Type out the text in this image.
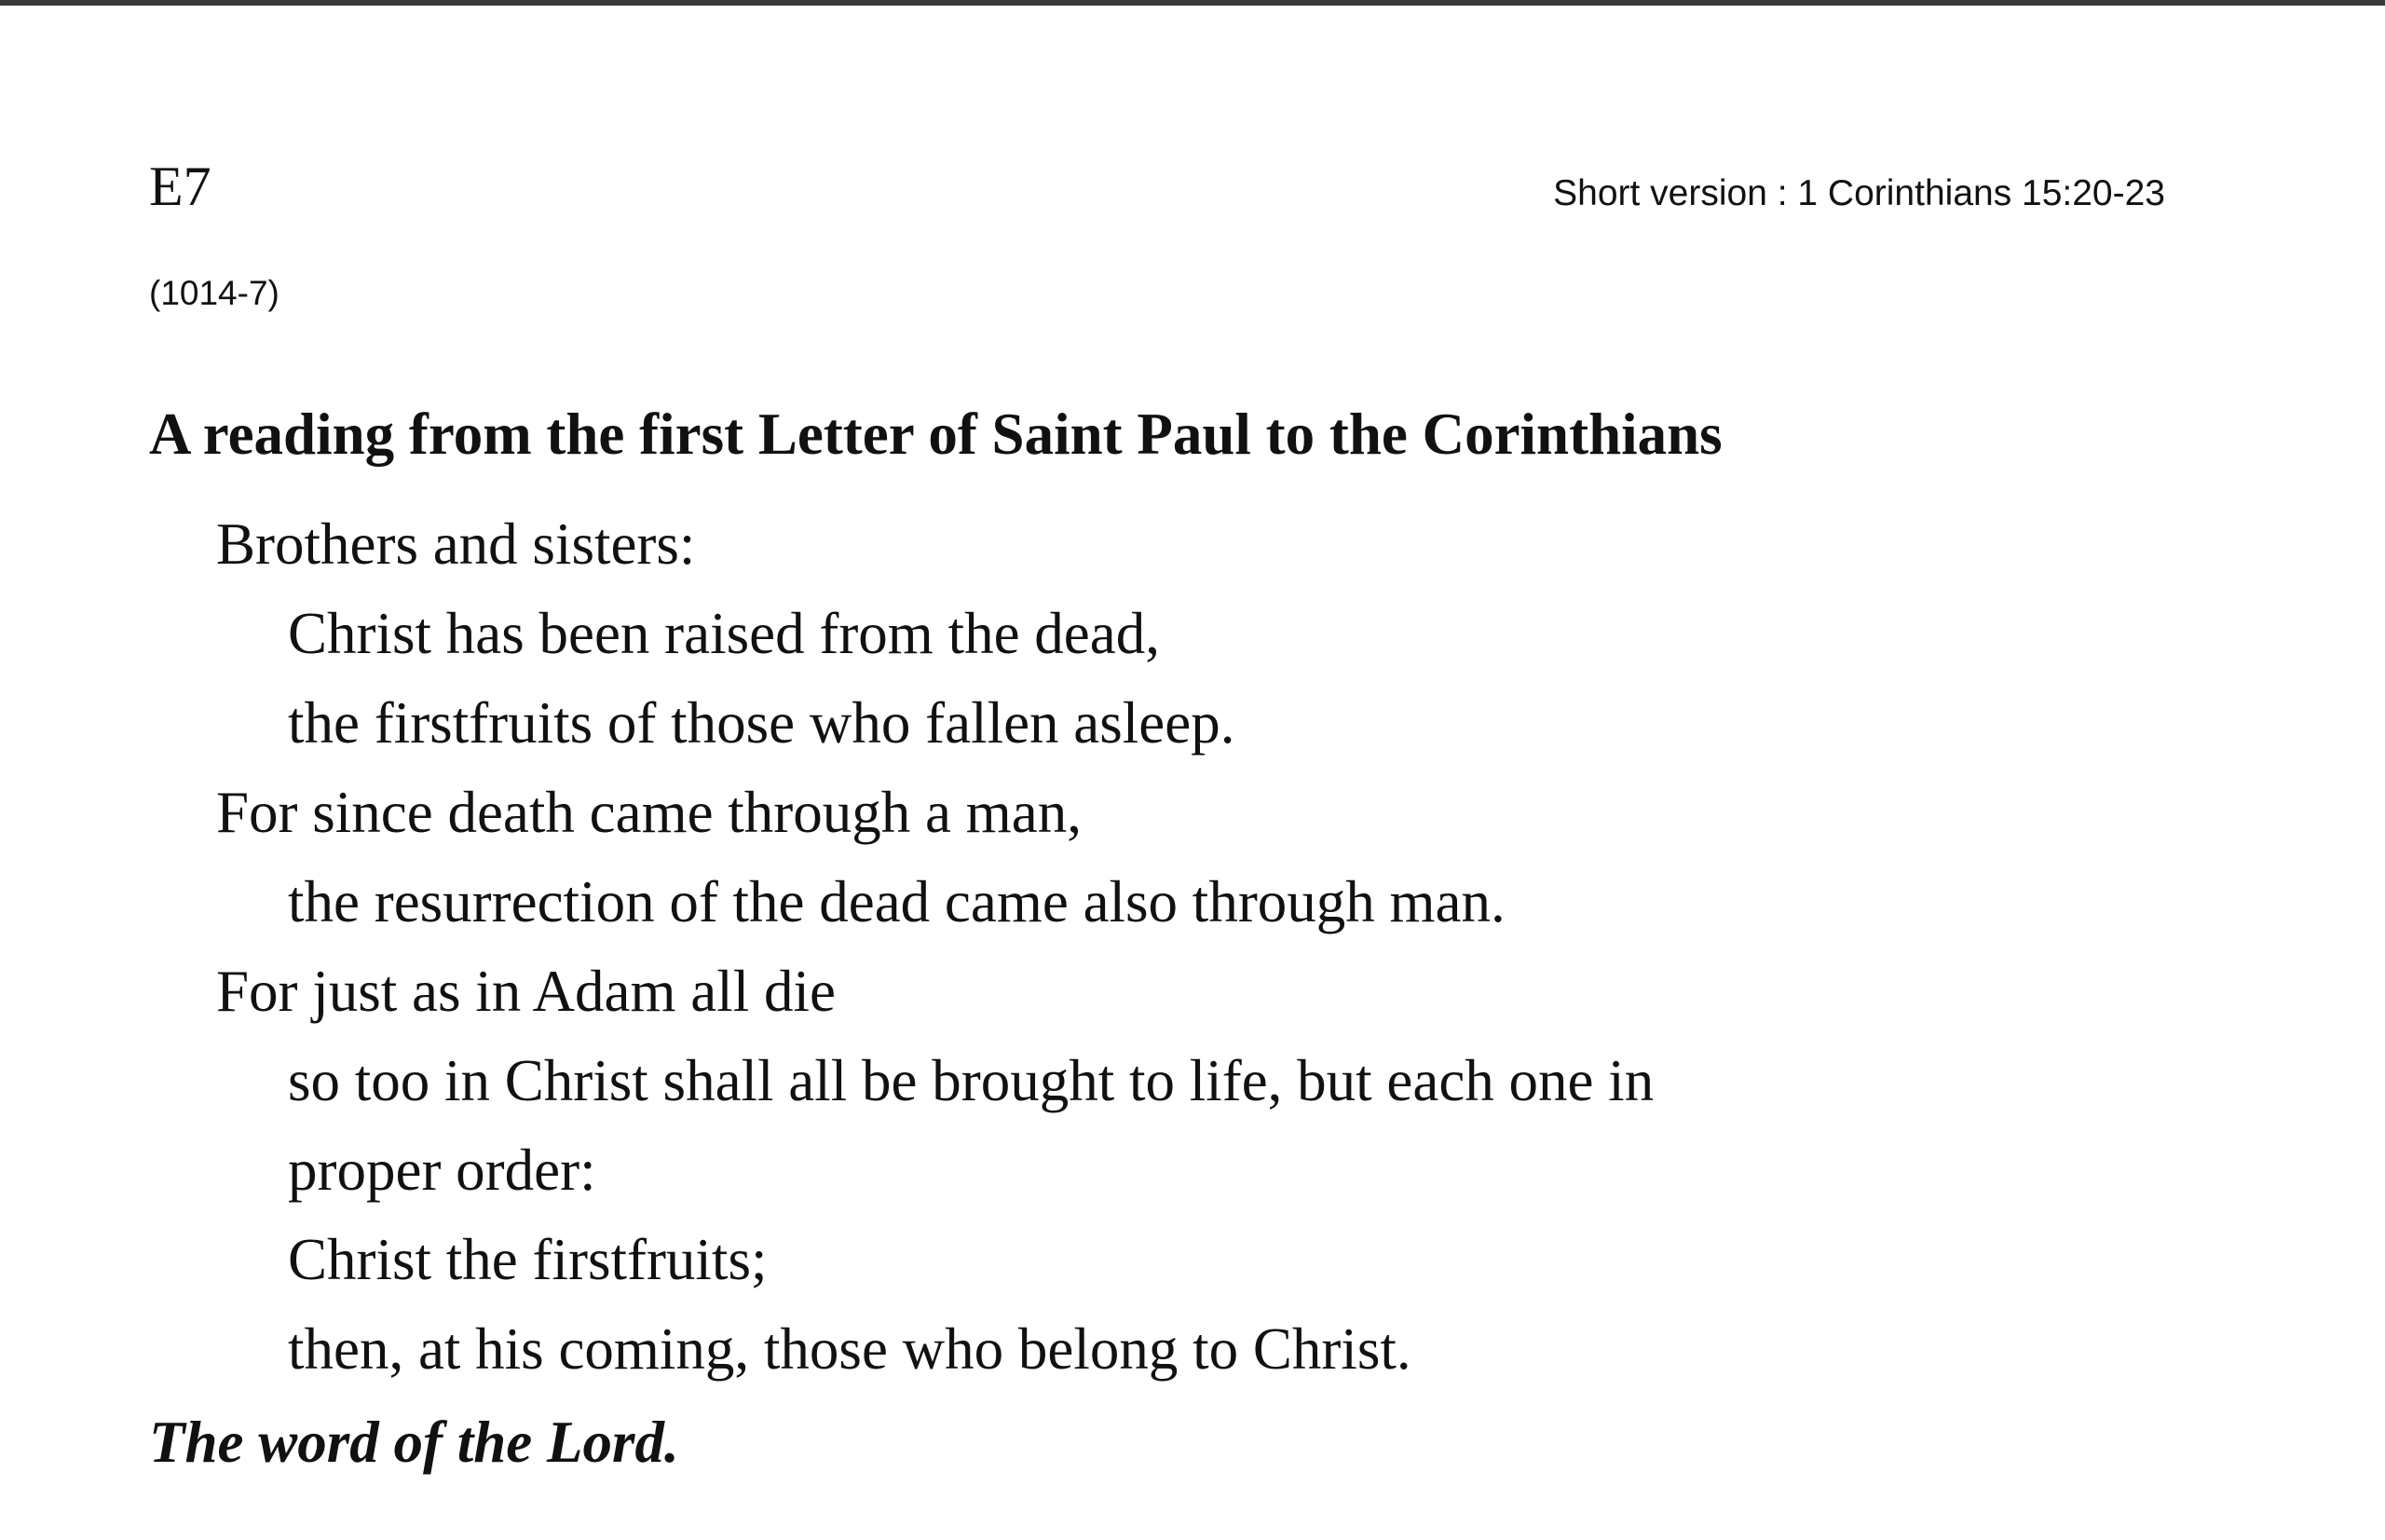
E7	Short version : 1 Corinthians 15:20-23
(1014-7)
A reading from the first Letter of Saint Paul to the Corinthians
Brothers and sisters:
Christ has been raised from the dead,
the firstfruits of those who fallen asleep.
For since death came through a man,
the resurrection of the dead came also through man.
For just as in Adam all die
so too in Christ shall all be brought to life, but each one in
proper order:
Christ the firstfruits;
then, at his coming, those who belong to Christ.
The word of the Lord.
